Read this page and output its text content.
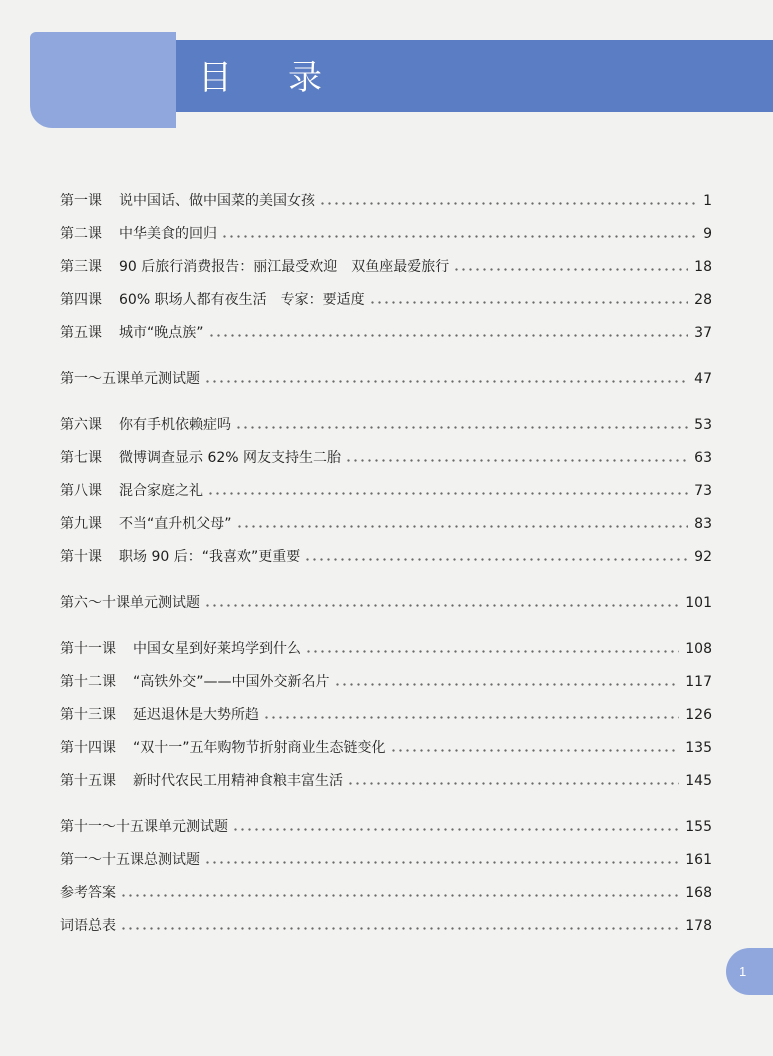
目录
第一课 说中国话、做中国菜的美国女孩	1
第二课 中华美食的回归	9
第三课 90 后旅行消费报告：丽江最受欢迎　双鱼座最爱旅行	18
第四课 60% 职场人都有夜生活　专家：要适度	28
第五课 城市“晚点族”	37
第一～五课单元测试题	47
第六课 你有手机依赖症吗	53
第七课 微博调查显示 62% 网友支持生二胎	63
第八课 混合家庭之礼	73
第九课 不当“直升机父母”	83
第十课 职场 90 后：“我喜欢”更重要	92
第六～十课单元测试题	101
第十一课 中国女星到好莱坞学到什么	108
第十二课 “高铁外交”——中国外交新名片	117
第十三课 延迟退休是大势所趋	126
第十四课 “双十一”五年购物节折射商业生态链变化	135
第十五课 新时代农民工用精神食粮丰富生活	145
第十一～十五课单元测试题	155
第一～十五课总测试题	161
参考答案	168
词语总表	178
1
